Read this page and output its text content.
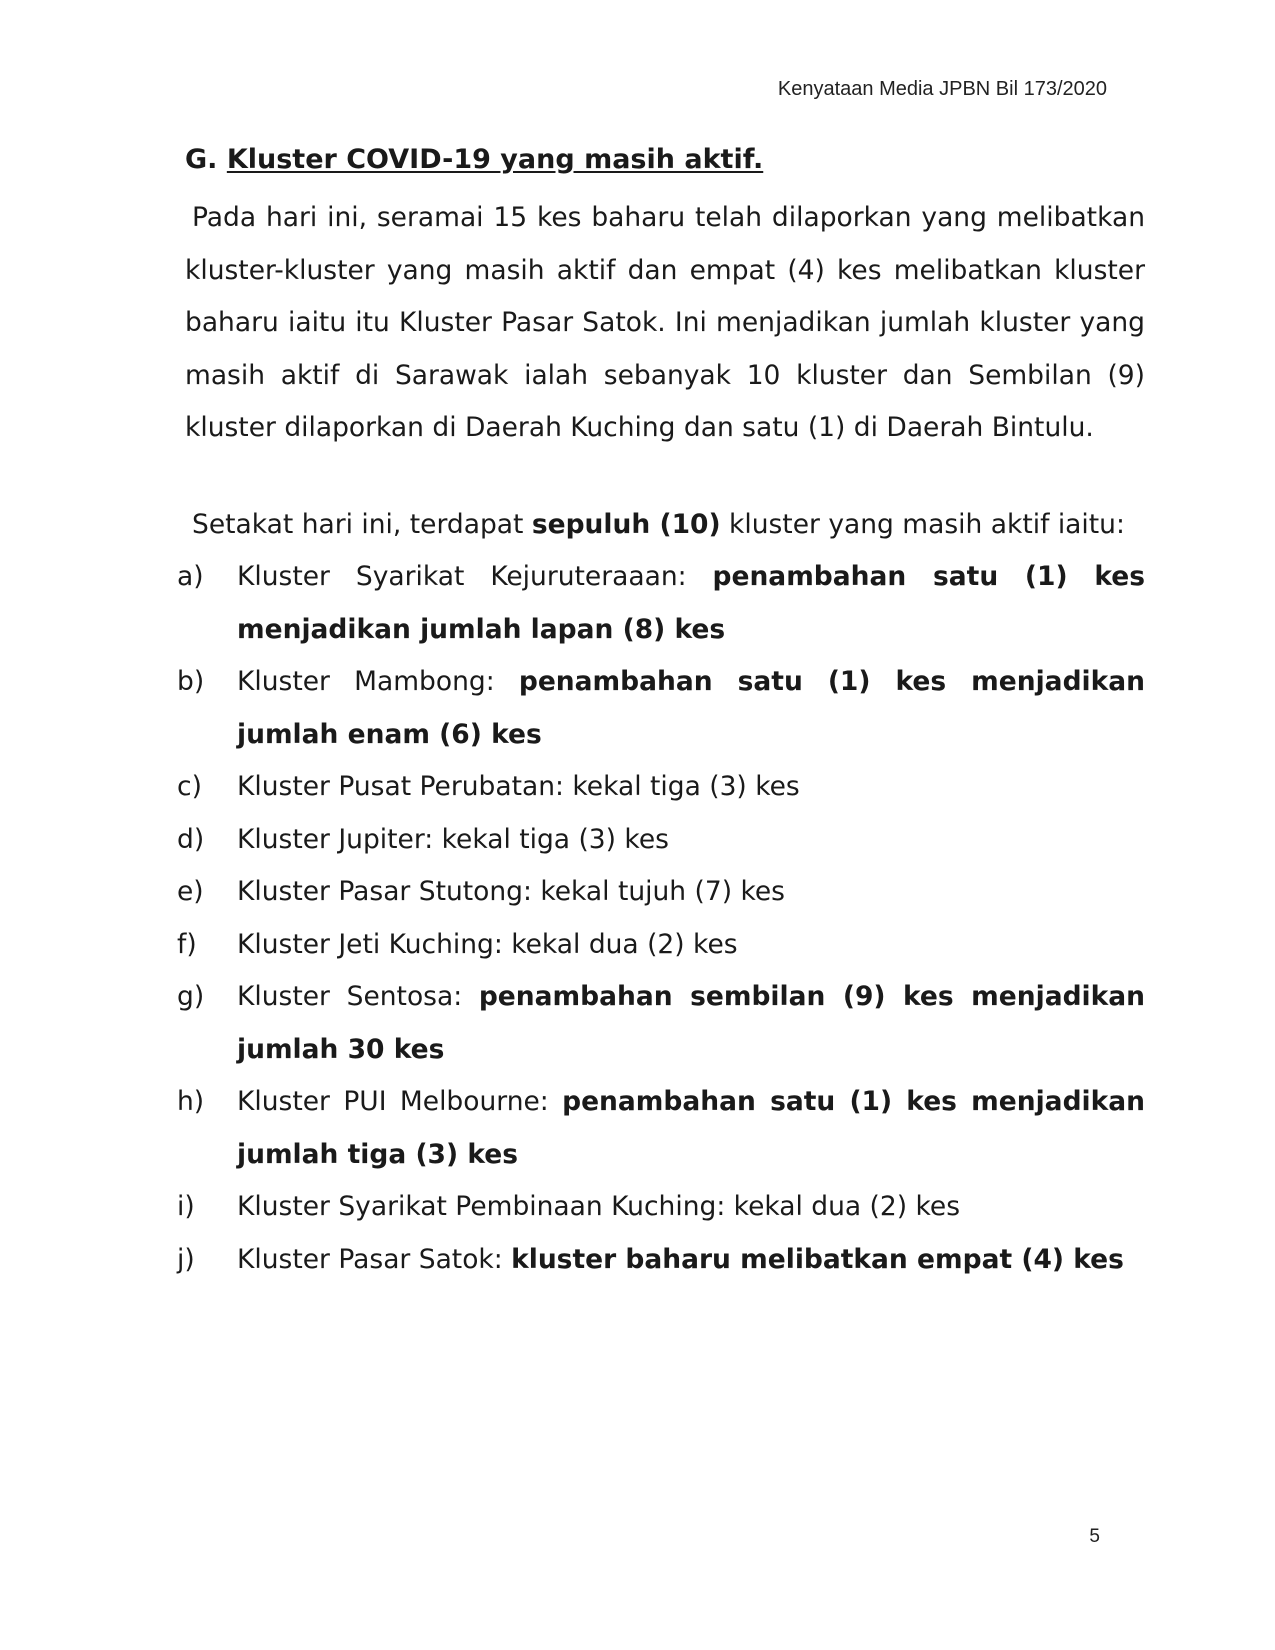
Kenyataan Media JPBN Bil 173/2020
G. Kluster COVID-19 yang masih aktif.

Pada hari ini, seramai 15 kes baharu telah dilaporkan yang melibatkan kluster-kluster yang masih aktif dan empat (4) kes melibatkan kluster baharu iaitu itu Kluster Pasar Satok. Ini menjadikan jumlah kluster yang masih aktif di Sarawak ialah sebanyak 10 kluster dan Sembilan (9) kluster dilaporkan di Daerah Kuching dan satu (1) di Daerah Bintulu.

Setakat hari ini, terdapat sepuluh (10) kluster yang masih aktif iaitu:

a)	Kluster Syarikat Kejuruteraaan: penambahan satu (1) kes menjadikan jumlah lapan (8) kes
b)	Kluster Mambong: penambahan satu (1) kes menjadikan jumlah enam (6) kes
c)	Kluster Pusat Perubatan: kekal tiga (3) kes
d)	Kluster Jupiter: kekal tiga (3) kes
e)	Kluster Pasar Stutong: kekal tujuh (7) kes
f)	Kluster Jeti Kuching: kekal dua (2) kes
g)	Kluster Sentosa: penambahan sembilan (9) kes menjadikan jumlah 30 kes
h)	Kluster PUI Melbourne: penambahan satu (1) kes menjadikan jumlah tiga (3) kes
i)	Kluster Syarikat Pembinaan Kuching: kekal dua (2) kes
j)	Kluster Pasar Satok: kluster baharu melibatkan empat (4) kes
5
